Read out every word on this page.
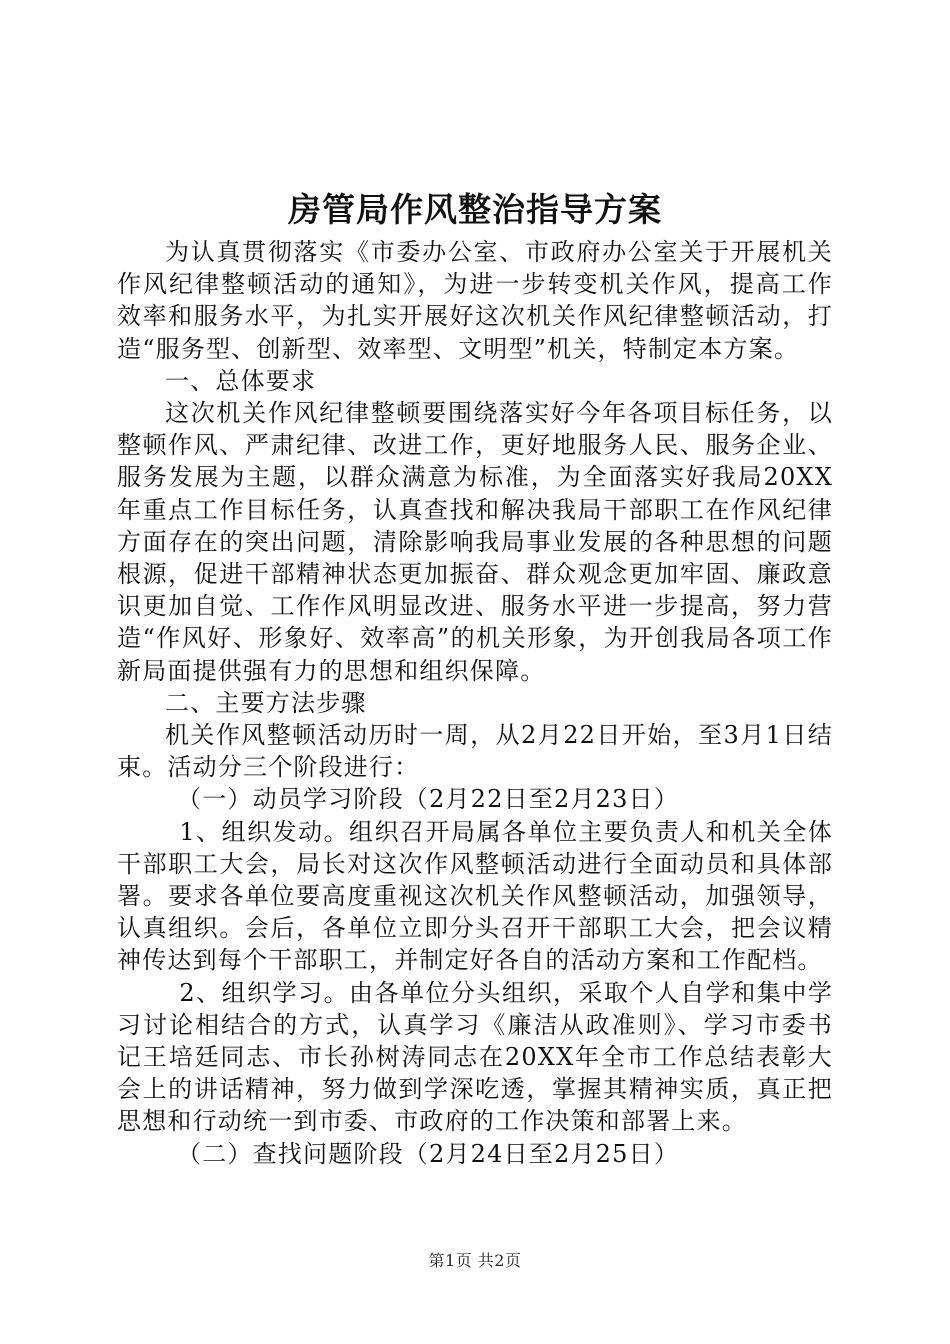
房管局作风整治指导方案

为认真贯彻落实《市委办公室、市政府办公室关于开展机关作风纪律整顿活动的通知》，为进一步转变机关作风，提高工作效率和服务水平，为扎实开展好这次机关作风纪律整顿活动，打造“服务型、创新型、效率型、文明型”机关，特制定本方案。

一、总体要求

这次机关作风纪律整顿要围绕落实好今年各项目标任务，以整顿作风、严肃纪律、改进工作，更好地服务人民、服务企业、服务发展为主题，以群众满意为标准，为全面落实好我局20XX年重点工作目标任务，认真查找和解决我局干部职工在作风纪律方面存在的突出问题，清除影响我局事业发展的各种思想的问题根源，促进干部精神状态更加振奋、群众观念更加牢固、廉政意识更加自觉、工作作风明显改进、服务水平进一步提高，努力营造“作风好、形象好、效率高”的机关形象，为开创我局各项工作新局面提供强有力的思想和组织保障。

二、主要方法步骤

机关作风整顿活动历时一周，从2月22日开始，至3月1日结束。活动分三个阶段进行：

（一）动员学习阶段（2月22日至2月23日）

1、组织发动。组织召开局属各单位主要负责人和机关全体干部职工大会，局长对这次作风整顿活动进行全面动员和具体部署。要求各单位要高度重视这次机关作风整顿活动，加强领导，认真组织。会后，各单位立即分头召开干部职工大会，把会议精神传达到每个干部职工，并制定好各自的活动方案和工作配档。

2、组织学习。由各单位分头组织，采取个人自学和集中学习讨论相结合的方式，认真学习《廉洁从政准则》、学习市委书记王培廷同志、市长孙树涛同志在20XX年全市工作总结表彰大会上的讲话精神，努力做到学深吃透，掌握其精神实质，真正把思想和行动统一到市委、市政府的工作决策和部署上来。

（二）查找问题阶段（2月24日至2月25日）

第1页 共2页
